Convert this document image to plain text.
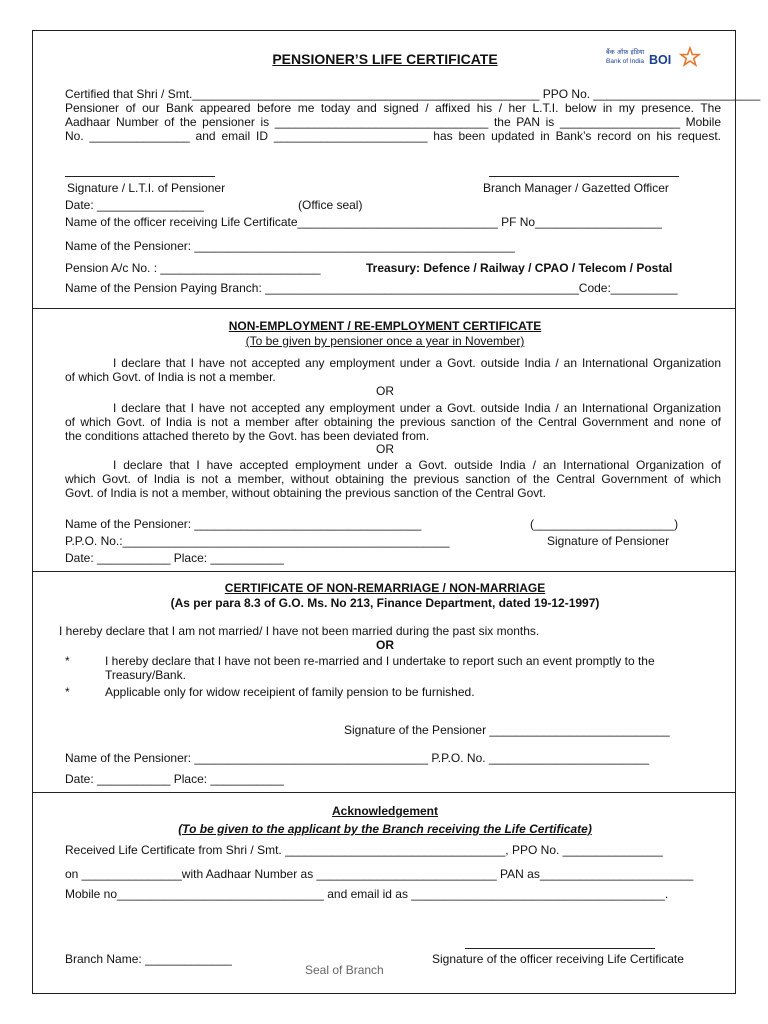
PENSIONER’S LIFE CERTIFICATE	बैंक ऑफ़ इंडिया
Bank of India BOI
Certified that Shri / Smt.____________________________________________________ PPO No. _________________________
Pensioner of our Bank appeared before me today and signed / affixed his / her L.T.I. below in my presence. The
Aadhaar Number of the pensioner is ________________________________ the PAN is __________________ Mobile
No. _______________ and email ID _______________________ has been updated in Bank’s record on his request.
Signature / L.T.I. of Pensioner	Branch Manager / Gazetted Officer
Date: ________________	(Office seal)
Name of the officer receiving Life Certificate______________________________ PF No___________________
Name of the Pensioner: ________________________________________________
Pension A/c No. : ________________________	Treasury: Defence / Railway / CPAO / Telecom / Postal
Name of the Pension Paying Branch: _______________________________________________Code:__________
NON-EMPLOYMENT / RE-EMPLOYMENT CERTIFICATE
(To be given by pensioner once a year in November)
I declare that I have not accepted any employment under a Govt. outside India / an International Organization
of which Govt. of India is not a member.
OR
I declare that I have not accepted any employment under a Govt. outside India / an International Organization
of which Govt. of India is not a member after obtaining the previous sanction of the Central Government and none of
the conditions attached thereto by the Govt. has been deviated from.
OR
I declare that I have accepted employment under a Govt. outside India / an International Organization of
which Govt. of India is not a member, without obtaining the previous sanction of the Central Government of which
Govt. of India is not a member, without obtaining the previous sanction of the Central Govt.
Name of the Pensioner: __________________________________	(_____________________)
P.P.O. No.:_________________________________________________	Signature of Pensioner
Date: ___________ Place: ___________
CERTIFICATE OF NON-REMARRIAGE / NON-MARRIAGE
(As per para 8.3 of G.O. Ms. No 213, Finance Department, dated 19-12-1997)
I hereby declare that I am not married/ I have not been married during the past six months.
OR
*	I hereby declare that I have not been re-married and I undertake to report such an event promptly to the
Treasury/Bank.
*	Applicable only for widow receipient of family pension to be furnished.
Signature of the Pensioner ___________________________
Name of the Pensioner: ___________________________________ P.P.O. No. ________________________
Date: ___________ Place: ___________
Acknowledgement
(To be given to the applicant by the Branch receiving the Life Certificate)
Received Life Certificate from Shri / Smt. _________________________________, PPO No. _______________
on _______________with Aadhaar Number as ___________________________ PAN as_______________________
Mobile no_______________________________ and email id as ______________________________________.
Branch Name: _____________	Signature of the officer receiving Life Certificate
Seal of Branch
